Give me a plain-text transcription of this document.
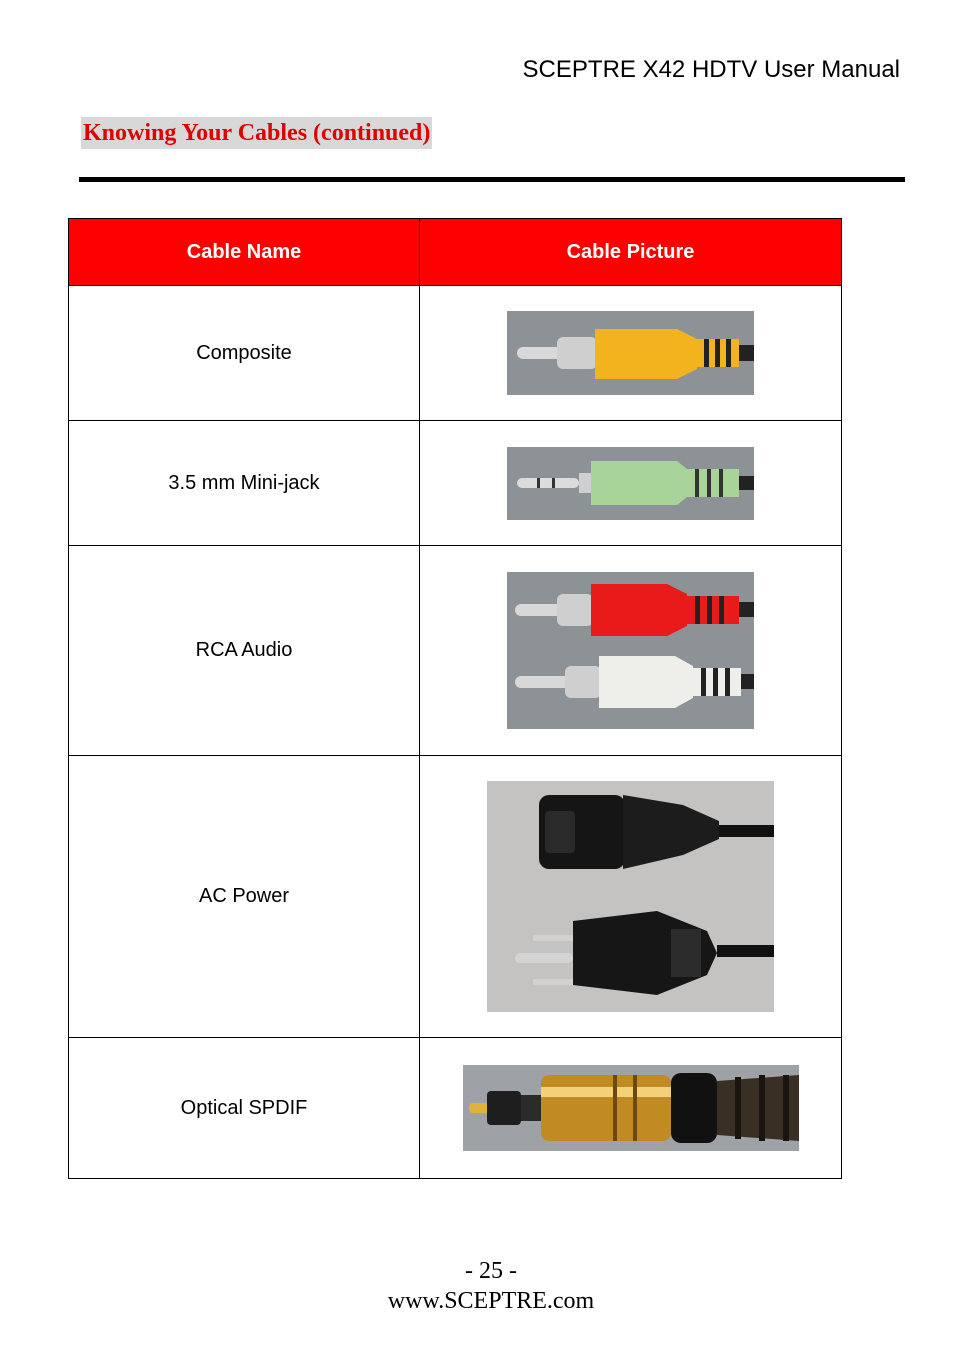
SCEPTRE X42 HDTV User Manual
Knowing Your Cables (continued)
Cable Name	Cable Picture
Composite	

3.5 mm Mini-jack	

RCA Audio	

AC Power	

Optical SPDIF	
- 25 -
www.SCEPTRE.com
